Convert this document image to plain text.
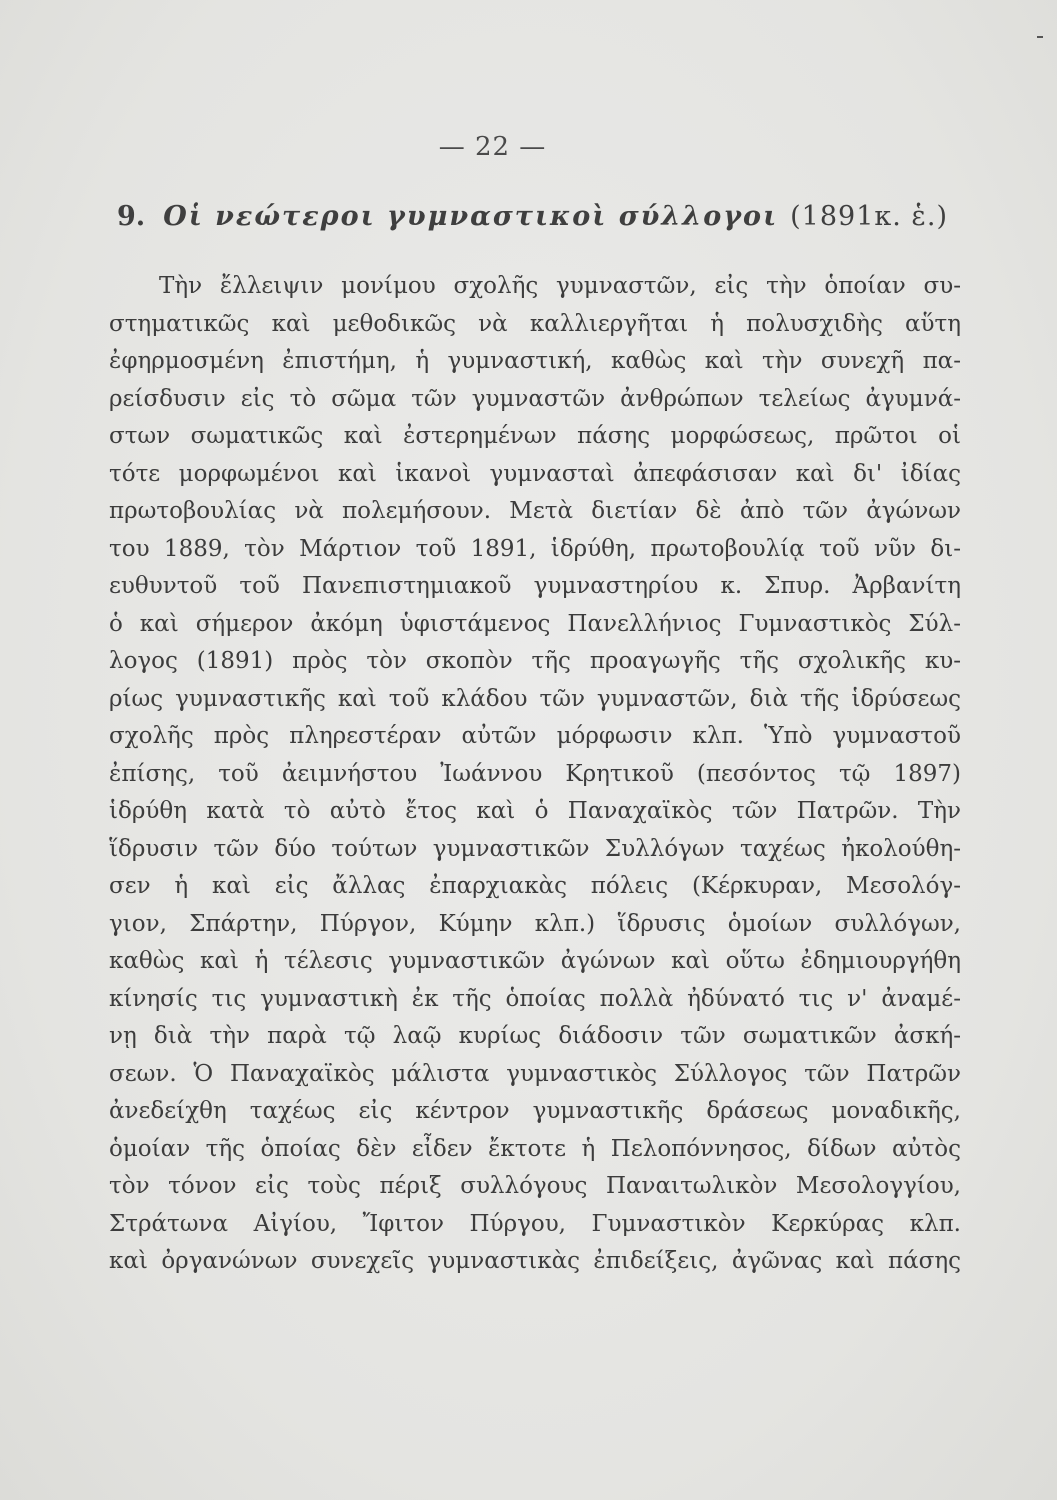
— 22 —
9. Οἱ νεώτεροι γυμναστικοὶ σύλλογοι (1891κ. ἑ.)
Τὴν ἔλλειψιν μονίμου σχολῆς γυμναστῶν, εἰς τὴν ὁποίαν συ-
στηματικῶς καὶ μεθοδικῶς νὰ καλλιεργῆται ἡ πολυσχιδὴς αὕτη
ἐφηρμοσμένη ἐπιστήμη, ἡ γυμναστική, καθὼς καὶ τὴν συνεχῆ πα-
ρείσδυσιν εἰς τὸ σῶμα τῶν γυμναστῶν ἀνθρώπων τελείως ἀγυμνά-
στων σωματικῶς καὶ ἐστερημένων πάσης μορφώσεως, πρῶτοι οἱ
τότε μορφωμένοι καὶ ἱκανοὶ γυμνασταὶ ἀπεφάσισαν καὶ δι' ἰδίας
πρωτοβουλίας νὰ πολεμήσουν. Μετὰ διετίαν δὲ ἀπὸ τῶν ἀγώνων
του 1889, τὸν Μάρτιον τοῦ 1891, ἱδρύθη, πρωτοβουλίᾳ τοῦ νῦν δι-
ευθυντοῦ τοῦ Πανεπιστημιακοῦ γυμναστηρίου κ. Σπυρ. Ἀρβανίτη
ὁ καὶ σήμερον ἀκόμη ὑφιστάμενος Πανελλήνιος Γυμναστικὸς Σύλ-
λογος (1891) πρὸς τὸν σκοπὸν τῆς προαγωγῆς τῆς σχολικῆς κυ-
ρίως γυμναστικῆς καὶ τοῦ κλάδου τῶν γυμναστῶν, διὰ τῆς ἱδρύσεως
σχολῆς πρὸς πληρεστέραν αὐτῶν μόρφωσιν κλπ. Ὑπὸ γυμναστοῦ
ἐπίσης, τοῦ ἀειμνήστου Ἰωάννου Κρητικοῦ (πεσόντος τῷ 1897)
ἱδρύθη κατὰ τὸ αὐτὸ ἔτος καὶ ὁ Παναχαϊκὸς τῶν Πατρῶν. Τὴν
ἵδρυσιν τῶν δύο τούτων γυμναστικῶν Συλλόγων ταχέως ἠκολούθη-
σεν ἡ καὶ εἰς ἄλλας ἐπαρχιακὰς πόλεις (Κέρκυραν, Μεσολόγ-
γιον, Σπάρτην, Πύργον, Κύμην κλπ.) ἵδρυσις ὁμοίων συλλόγων,
καθὼς καὶ ἡ τέλεσις γυμναστικῶν ἀγώνων καὶ οὕτω ἐδημιουργήθη
κίνησίς τις γυμναστικὴ ἐκ τῆς ὁποίας πολλὰ ἠδύνατό τις ν' ἀναμέ-
νῃ διὰ τὴν παρὰ τῷ λαῷ κυρίως διάδοσιν τῶν σωματικῶν ἀσκή-
σεων. Ὁ Παναχαϊκὸς μάλιστα γυμναστικὸς Σύλλογος τῶν Πατρῶν
ἀνεδείχθη ταχέως εἰς κέντρον γυμναστικῆς δράσεως μοναδικῆς,
ὁμοίαν τῆς ὁποίας δὲν εἶδεν ἔκτοτε ἡ Πελοπόννησος, δίδων αὐτὸς
τὸν τόνον εἰς τοὺς πέριξ συλλόγους Παναιτωλικὸν Μεσολογγίου,
Στράτωνα Αἰγίου, Ἴφιτον Πύργου, Γυμναστικὸν Κερκύρας κλπ.
καὶ ὀργανώνων συνεχεῖς γυμναστικὰς ἐπιδείξεις, ἀγῶνας καὶ πάσης
